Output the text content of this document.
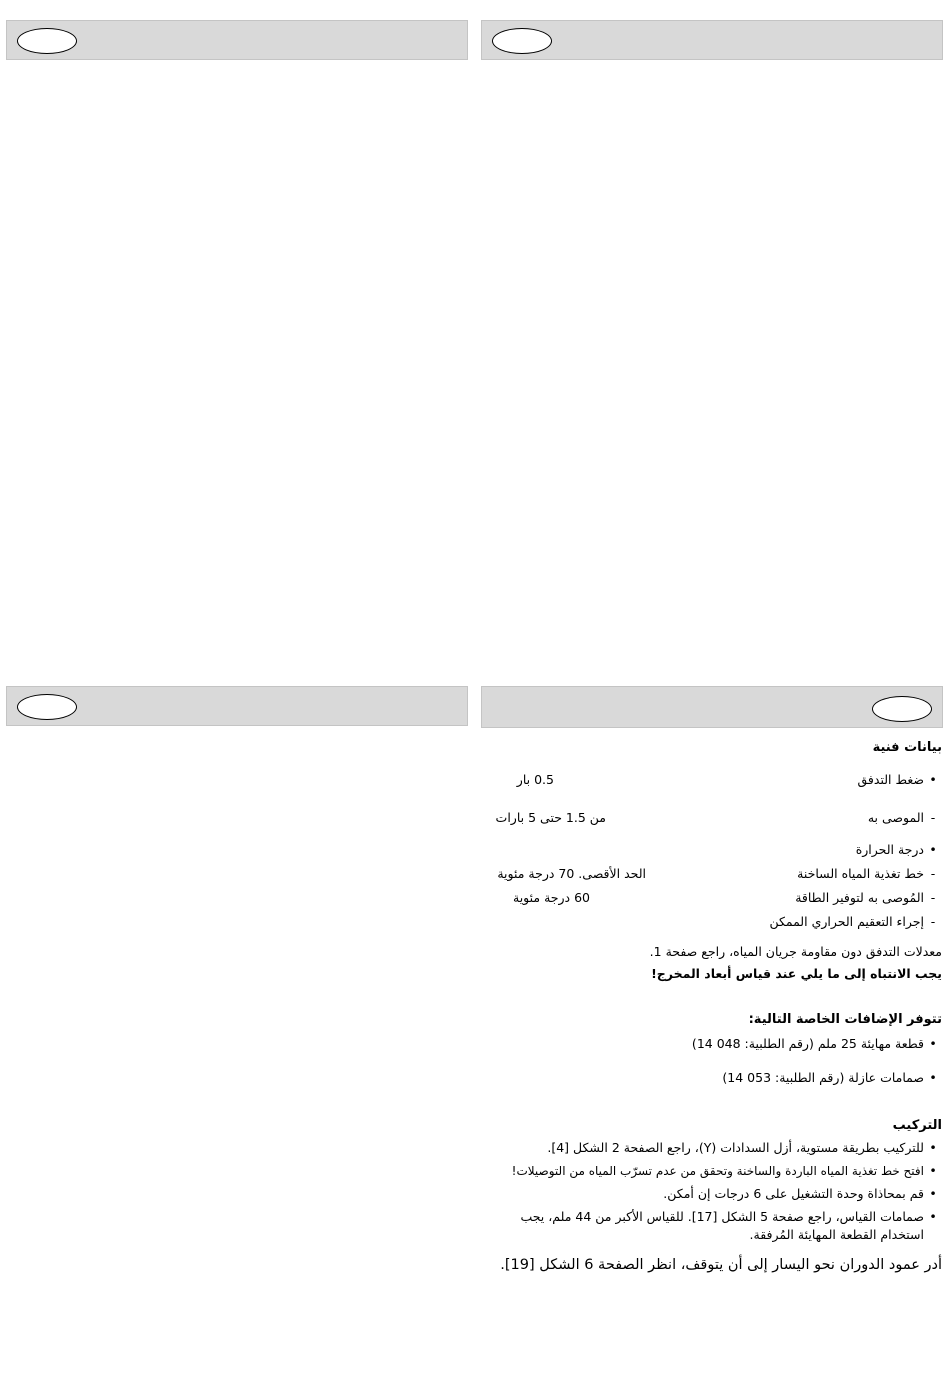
بيانات فنية
•ضغط التدفق
0.5 بار
-الموصى به
من 1.5 حتى 5 بارات
•درجة الحرارة
-خط تغذية المياه الساخنة
الحد الأقصى. 70 درجة مئوية
-المُوصى به لتوفير الطاقة
60 درجة مئوية
-إجراء التعقيم الحراري الممكن
معدلات التدفق دون مقاومة جريان المياه، راجع صفحة 1.
يجب الانتباه إلى ما يلي عند قياس أبعاد المخرج!
تتوفر الإضافات الخاصة التالية:
•
قطعة مهايئة 25 ملم (رقم الطلبية: 048 14)
•
صمامات عازلة (رقم الطلبية: 053 14)
التركيب
•
للتركيب بطريقة مستوية، أزل السدادات (Y)، راجع الصفحة 2 الشكل [4].
•
افتح خط تغذية المياه الباردة والساخنة وتحقق من عدم تسرّب المياه من التوصيلات!
•
قم بمحاذاة وحدة التشغيل على 6 درجات إن أمكن.
•
صمامات القياس، راجع صفحة 5 الشكل [17]. للقياس الأكبر من 44 ملم، يجب استخدام القطعة المهايئة المُرفقة.
أدر عمود الدوران نحو اليسار إلى أن يتوقف، انظر الصفحة 6 الشكل [19].
